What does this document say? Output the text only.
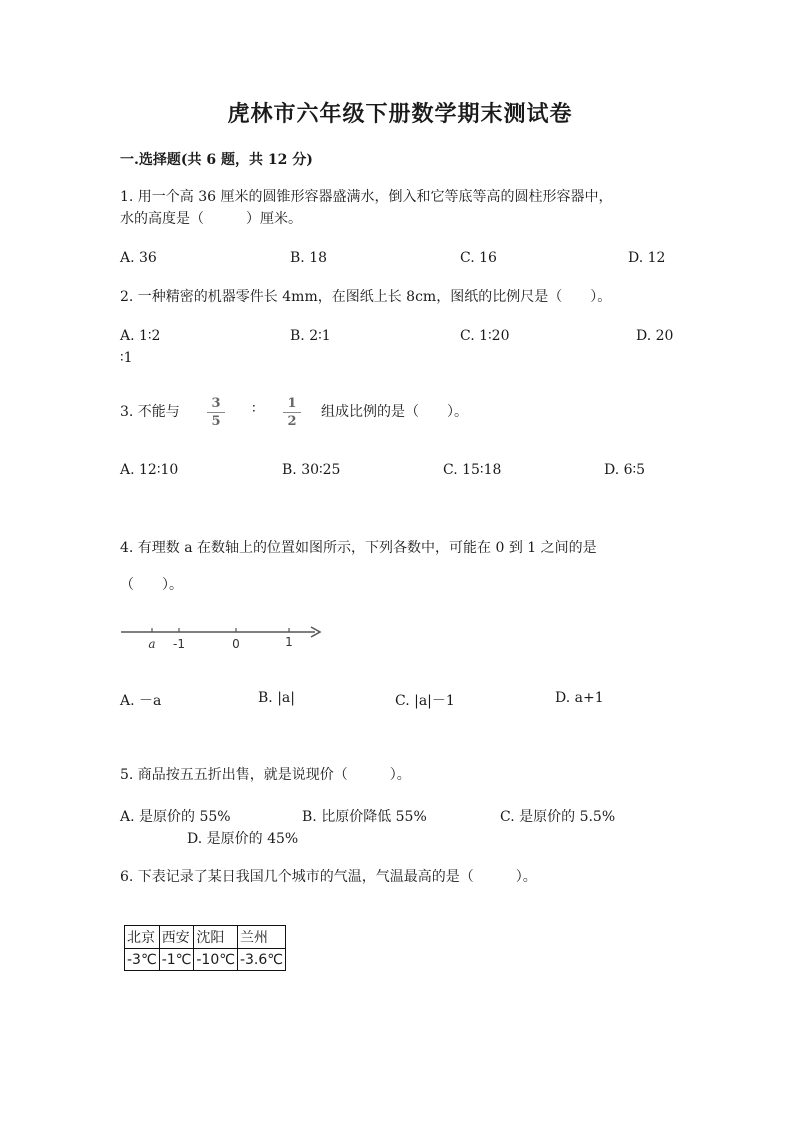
虎林市六年级下册数学期末测试卷
一.选择题(共 6 题，共 12 分)
1. 用一个高 36 厘米的圆锥形容器盛满水，倒入和它等底等高的圆柱形容器中，
水的高度是（　　　）厘米。
A. 36	B. 18	C. 16	D. 12
2. 一种精密的机器零件长 4mm，在图纸上长 8cm，图纸的比例尺是（　　）。
A. 1∶2	B. 2∶1	C. 1∶20	D. 20
∶1
3. 不能与
3
5
∶	1
2
组成比例的是（　　）。
A. 12∶10	B. 30∶25	C. 15∶18	D. 6∶5
4. 有理数 a 在数轴上的位置如图所示，下列各数中，可能在 0 到 1 之间的是
（　　）。
a -1	0	1
A. －a	B. |a|	C. |a|－1	D. a+1
5. 商品按五五折出售，就是说现价（　　　）。
A. 是原价的 55%	B. 比原价降低 55%	C. 是原价的 5.5%
D. 是原价的 45%
6. 下表记录了某日我国几个城市的气温，气温最高的是（　　　）。
北京	西安	沈阳	兰州
-3℃	-1℃	-10℃	-3.6℃
